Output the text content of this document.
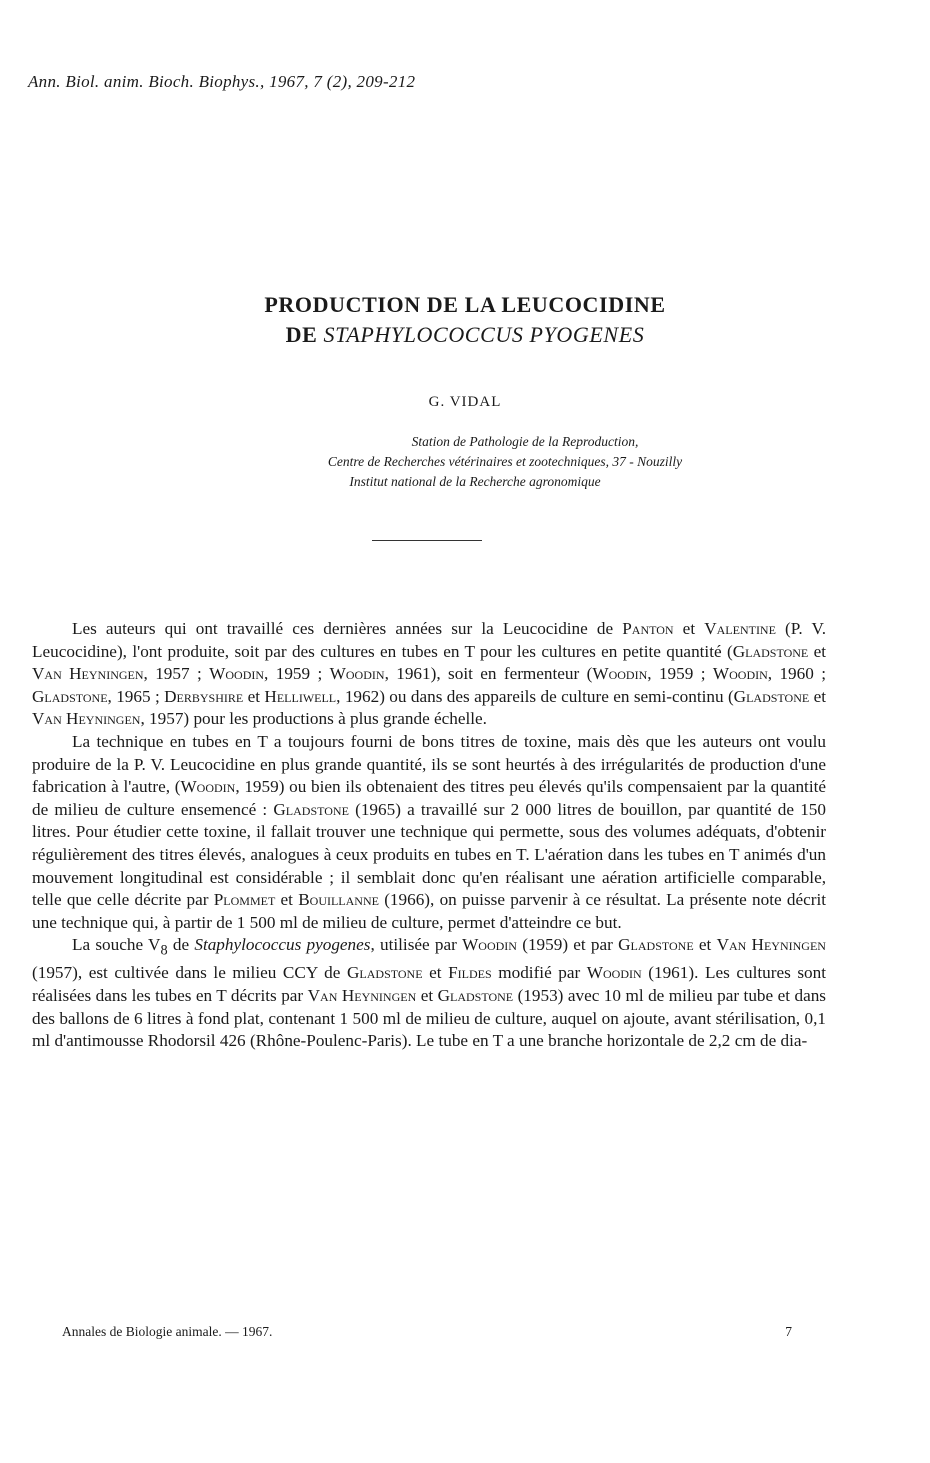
Ann. Biol. anim. Bioch. Biophys., 1967, 7 (2), 209-212
PRODUCTION DE LA LEUCOCIDINE
DE STAPHYLOCOCCUS PYOGENES
G. VIDAL
Station de Pathologie de la Reproduction,
Centre de Recherches vétérinaires et zootechniques, 37 - Nouzilly
Institut national de la Recherche agronomique

Les auteurs qui ont travaillé ces dernières années sur la Leucocidine de Panton et Valentine (P. V. Leucocidine), l'ont produite, soit par des cultures en tubes en T pour les cultures en petite quantité (Gladstone et Van Heyningen, 1957 ; Woodin, 1959 ; Woodin, 1961), soit en fermenteur (Woodin, 1959 ; Woodin, 1960 ; Gladstone, 1965 ; Derbyshire et Helliwell, 1962) ou dans des appareils de culture en semi-continu (Gladstone et Van Heyningen, 1957) pour les productions à plus grande échelle.

La technique en tubes en T a toujours fourni de bons titres de toxine, mais dès que les auteurs ont voulu produire de la P. V. Leucocidine en plus grande quantité, ils se sont heurtés à des irrégularités de production d'une fabrication à l'autre, (Woodin, 1959) ou bien ils obtenaient des titres peu élevés qu'ils compensaient par la quantité de milieu de culture ensemencé : Gladstone (1965) a travaillé sur 2 000 litres de bouillon, par quantité de 150 litres. Pour étudier cette toxine, il fallait trouver une technique qui permette, sous des volumes adéquats, d'obtenir régulièrement des titres élevés, analogues à ceux produits en tubes en T. L'aération dans les tubes en T animés d'un mouvement longitudinal est considérable ; il semblait donc qu'en réalisant une aération artificielle comparable, telle que celle décrite par Plommet et Bouillanne (1966), on puisse parvenir à ce résultat. La présente note décrit une technique qui, à partir de 1 500 ml de milieu de culture, permet d'atteindre ce but.

La souche $V_8$ de Staphylococcus pyogenes, utilisée par Woodin (1959) et par Gladstone et Van Heyningen (1957), est cultivée dans le milieu CCY de Gladstone et Fildes modifié par Woodin (1961). Les cultures sont réalisées dans les tubes en T décrits par Van Heyningen et Gladstone (1953) avec 10 ml de milieu par tube et dans des ballons de 6 litres à fond plat, contenant 1 500 ml de milieu de culture, auquel on ajoute, avant stérilisation, 0,1 ml d'antimousse Rhodorsil 426 (Rhône-Poulenc-Paris). Le tube en T a une branche horizontale de 2,2 cm de dia-

Annales de Biologie animale. — 1967.	7
